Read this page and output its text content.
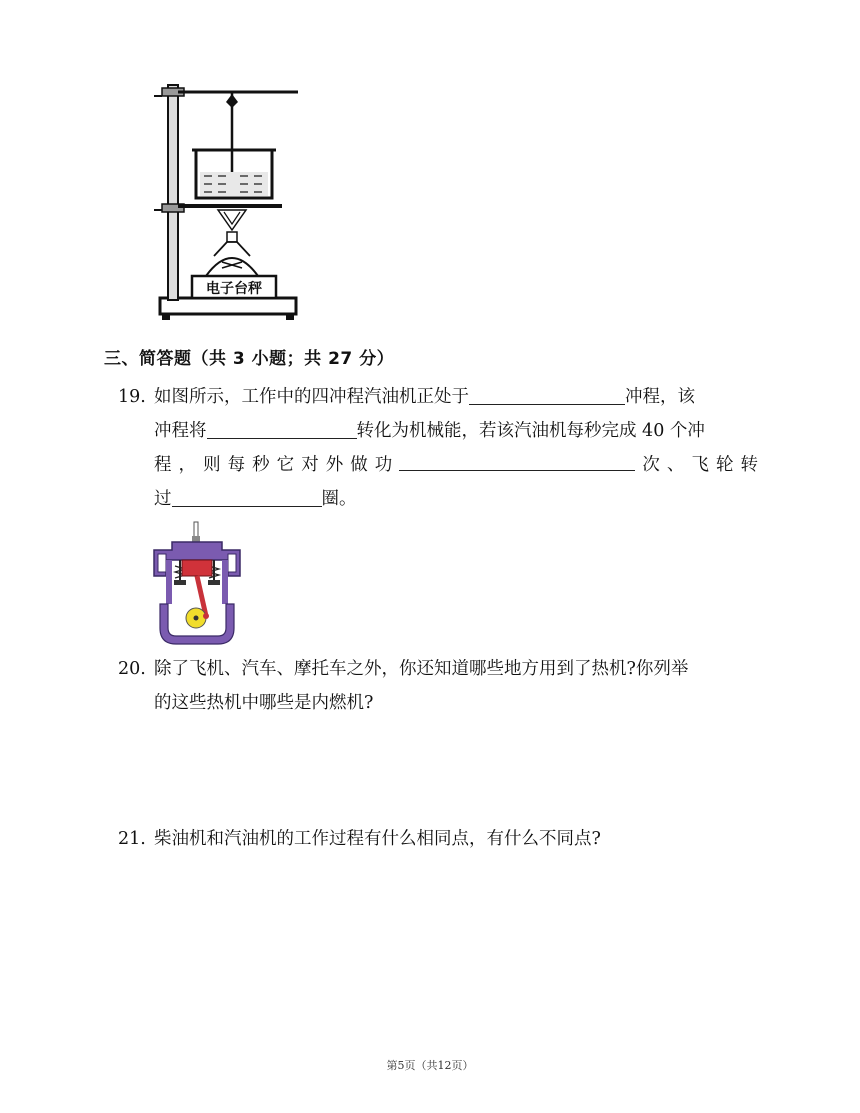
电子台秤
三、简答题（共 3 小题；共 27 分）
19. 如图所示，工作中的四冲程汽油机正处于	冲程，该
冲程将	转化为机械能，若该汽油机每秒完成 40 个冲
程 ， 则 每 秒 它 对 外 做 功	次 、 飞 轮 转
过	圈。
20. 除了飞机、汽车、摩托车之外，你还知道哪些地方用到了热机?你列举
的这些热机中哪些是内燃机?
21. 柴油机和汽油机的工作过程有什么相同点，有什么不同点?
第5页（共12页）
